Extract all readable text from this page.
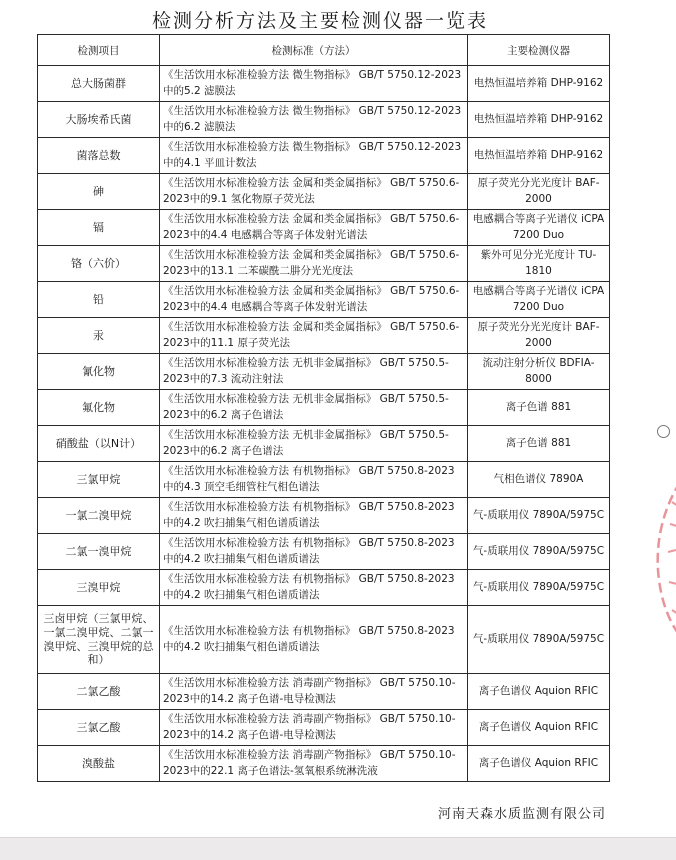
检测分析方法及主要检测仪器一览表
检测项目	检测标准（方法）	主要检测仪器
总大肠菌群	《生活饮用水标准检验方法 微生物指标》 GB/T 5750.12-2023中的5.2 滤膜法	电热恒温培养箱 DHP-9162
大肠埃希氏菌	《生活饮用水标准检验方法 微生物指标》 GB/T 5750.12-2023中的6.2 滤膜法	电热恒温培养箱 DHP-9162
菌落总数	《生活饮用水标准检验方法 微生物指标》 GB/T 5750.12-2023中的4.1 平皿计数法	电热恒温培养箱 DHP-9162
砷	《生活饮用水标准检验方法 金属和类金属指标》 GB/T 5750.6-2023中的9.1 氢化物原子荧光法	原子荧光分光光度计 BAF-2000
镉	《生活饮用水标准检验方法 金属和类金属指标》 GB/T 5750.6-2023中的4.4 电感耦合等离子体发射光谱法	电感耦合等离子光谱仪 iCPA 7200 Duo
铬（六价）	《生活饮用水标准检验方法 金属和类金属指标》 GB/T 5750.6-2023中的13.1 二苯碳酰二肼分光光度法	紫外可见分光光度计 TU-1810
铅	《生活饮用水标准检验方法 金属和类金属指标》 GB/T 5750.6-2023中的4.4 电感耦合等离子体发射光谱法	电感耦合等离子光谱仪 iCPA 7200 Duo
汞	《生活饮用水标准检验方法 金属和类金属指标》 GB/T 5750.6-2023中的11.1 原子荧光法	原子荧光分光光度计 BAF-2000
氰化物	《生活饮用水标准检验方法 无机非金属指标》 GB/T 5750.5-2023中的7.3 流动注射法	流动注射分析仪 BDFIA-8000
氟化物	《生活饮用水标准检验方法 无机非金属指标》 GB/T 5750.5-2023中的6.2 离子色谱法	离子色谱 881
硝酸盐（以N计）	《生活饮用水标准检验方法 无机非金属指标》 GB/T 5750.5-2023中的6.2 离子色谱法	离子色谱 881
三氯甲烷	《生活饮用水标准检验方法 有机物指标》 GB/T 5750.8-2023中的4.3 顶空毛细管柱气相色谱法	气相色谱仪 7890A
一氯二溴甲烷	《生活饮用水标准检验方法 有机物指标》 GB/T 5750.8-2023中的4.2 吹扫捕集气相色谱质谱法	气-质联用仪 7890A/5975C
二氯一溴甲烷	《生活饮用水标准检验方法 有机物指标》 GB/T 5750.8-2023中的4.2 吹扫捕集气相色谱质谱法	气-质联用仪 7890A/5975C
三溴甲烷	《生活饮用水标准检验方法 有机物指标》 GB/T 5750.8-2023中的4.2 吹扫捕集气相色谱质谱法	气-质联用仪 7890A/5975C
三卤甲烷（三氯甲烷、一氯二溴甲烷、二氯一溴甲烷、三溴甲烷的总和）	《生活饮用水标准检验方法 有机物指标》 GB/T 5750.8-2023中的4.2 吹扫捕集气相色谱质谱法	气-质联用仪 7890A/5975C
二氯乙酸	《生活饮用水标准检验方法 消毒副产物指标》 GB/T 5750.10-2023中的14.2 离子色谱-电导检测法	离子色谱仪 Aquion RFIC
三氯乙酸	《生活饮用水标准检验方法 消毒副产物指标》 GB/T 5750.10-2023中的14.2 离子色谱-电导检测法	离子色谱仪 Aquion RFIC
溴酸盐	《生活饮用水标准检验方法 消毒副产物指标》 GB/T 5750.10-2023中的22.1 离子色谱法-氢氧根系统淋洗液	离子色谱仪 Aquion RFIC
河南天森水质监测有限公司
